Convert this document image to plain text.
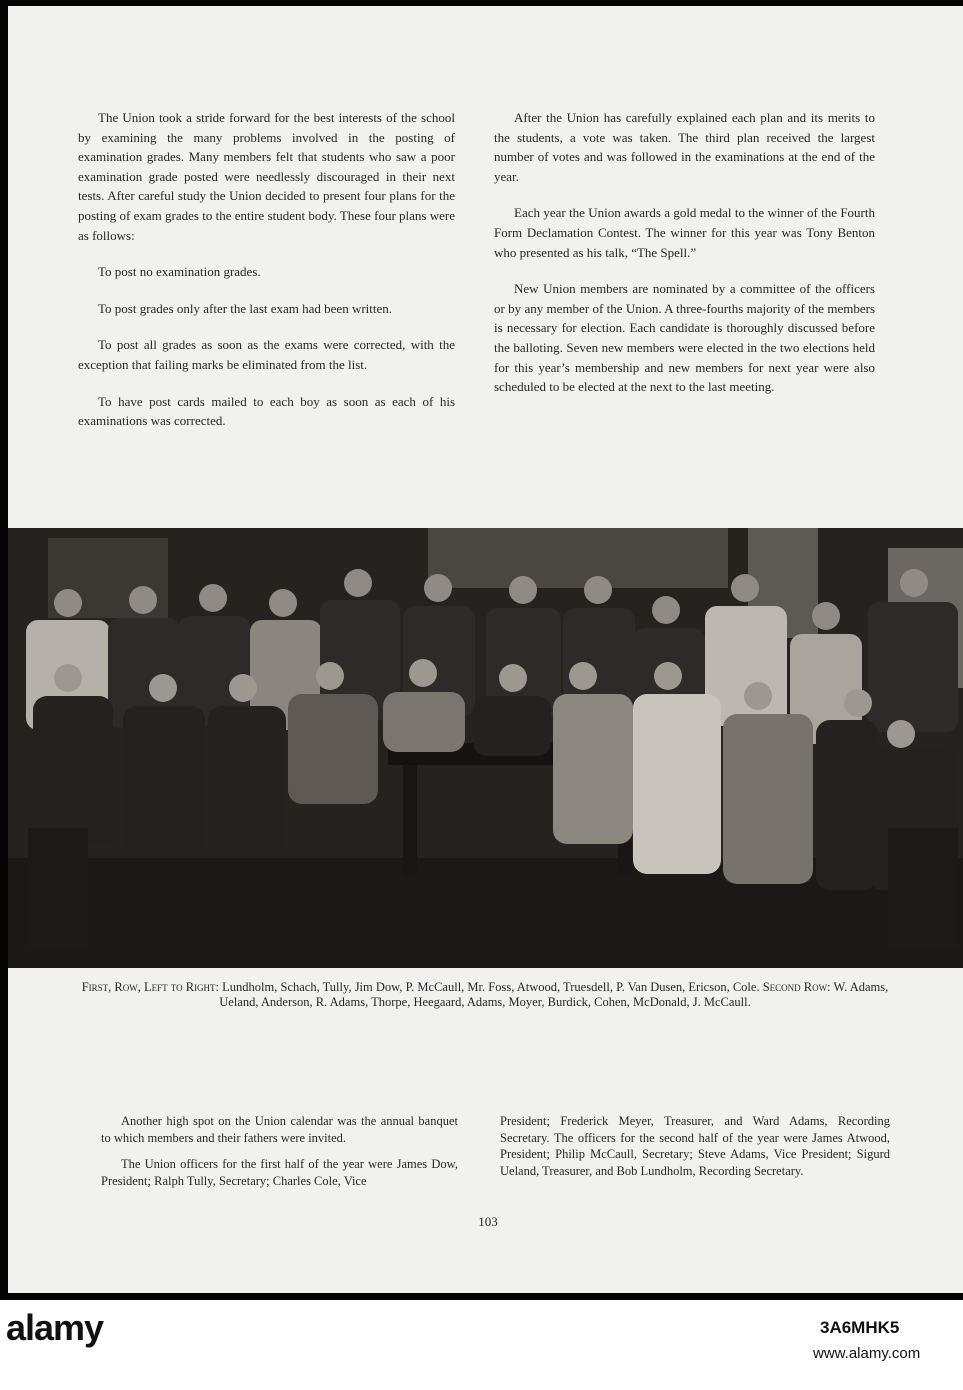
The Union took a stride forward for the best interests of the school by examining the many problems involved in the posting of examination grades. Many members felt that students who saw a poor examination grade posted were needlessly discouraged in their next tests. After careful study the Union decided to present four plans for the posting of exam grades to the entire student body. These four plans were as follows:

To post no examination grades.

To post grades only after the last exam had been written.

To post all grades as soon as the exams were corrected, with the exception that failing marks be eliminated from the list.

To have post cards mailed to each boy as soon as each of his examinations was corrected.

After the Union has carefully explained each plan and its merits to the students, a vote was taken. The third plan received the largest number of votes and was followed in the examinations at the end of the year.

Each year the Union awards a gold medal to the winner of the Fourth Form Declamation Contest. The winner for this year was Tony Benton who presented as his talk, “The Spell.”

New Union members are nominated by a committee of the officers or by any member of the Union. A three-fourths majority of the members is necessary for election. Each candidate is thoroughly discussed before the balloting. Seven new members were elected in the two elections held for this year’s membership and new members for next year were also scheduled to be elected at the next to the last meeting.

First, Row, Left to Right: Lundholm, Schach, Tully, Jim Dow, P. McCaull, Mr. Foss, Atwood, Truesdell, P. Van Dusen, Ericson, Cole. Second Row: W. Adams, Ueland, Anderson, R. Adams, Thorpe, Heegaard, Adams, Moyer, Burdick, Cohen, McDonald, J. McCaull.

Another high spot on the Union calendar was the annual banquet to which members and their fathers were invited.

The Union officers for the first half of the year were James Dow, President; Ralph Tully, Secretary; Charles Cole, Vice

President; Frederick Meyer, Treasurer, and Ward Adams, Recording Secretary. The officers for the second half of the year were James Atwood, President; Philip McCaull, Secretary; Steve Adams, Vice President; Sigurd Ueland, Treasurer, and Bob Lundholm, Recording Secretary.

103
alamy	3A6MHK5
www.alamy.com
